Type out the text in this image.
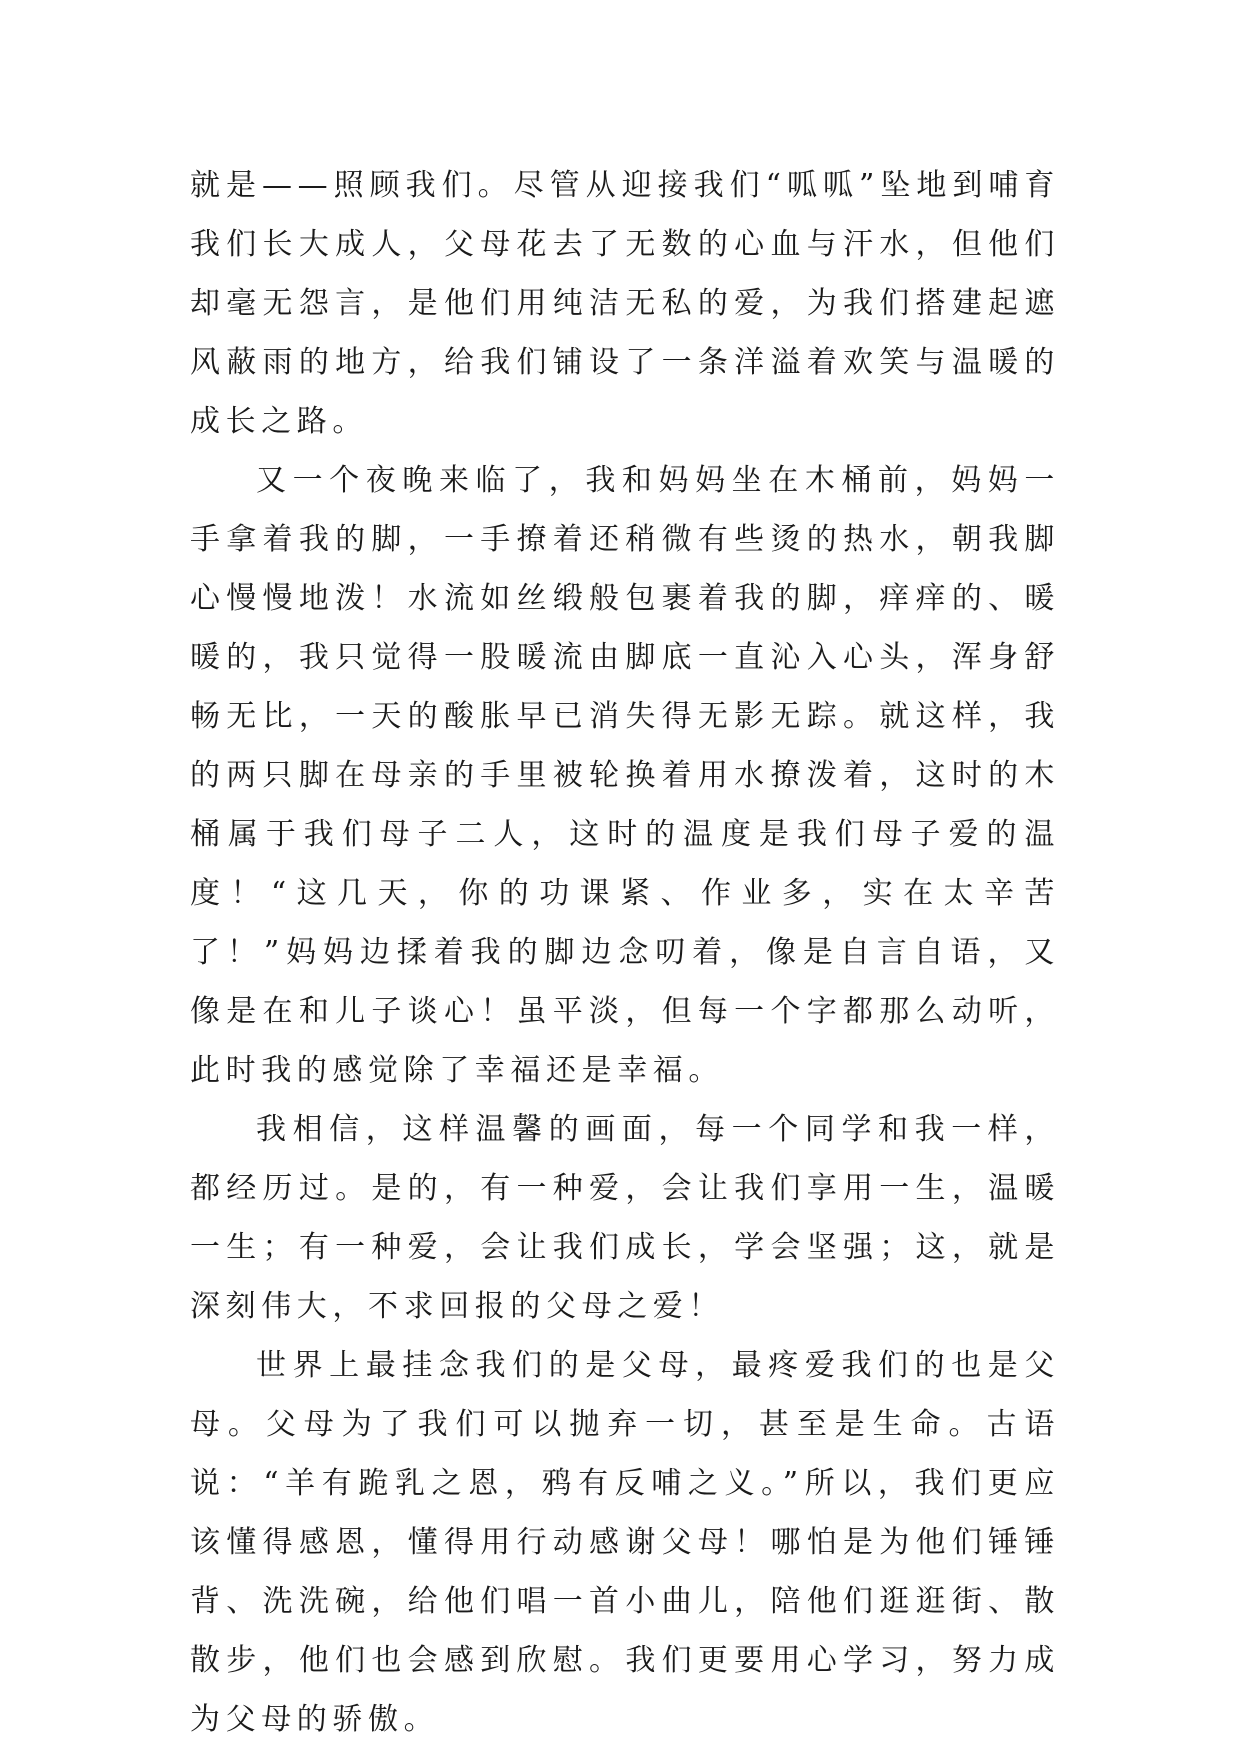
就是——照顾我们。尽管从迎接我们“呱呱”坠地到哺育我们长大成人，父母花去了无数的心血与汗水，但他们却毫无怨言，是他们用纯洁无私的爱，为我们搭建起遮风蔽雨的地方，给我们铺设了一条洋溢着欢笑与温暖的成长之路。

又一个夜晚来临了，我和妈妈坐在木桶前，妈妈一手拿着我的脚，一手撩着还稍微有些烫的热水，朝我脚心慢慢地泼！水流如丝缎般包裹着我的脚，痒痒的、暖暖的，我只觉得一股暖流由脚底一直沁入心头，浑身舒畅无比，一天的酸胀早已消失得无影无踪。就这样，我的两只脚在母亲的手里被轮换着用水撩泼着，这时的木桶属于我们母子二人，这时的温度是我们母子爱的温度！“这几天，你的功课紧、作业多，实在太辛苦了！”妈妈边揉着我的脚边念叨着，像是自言自语，又像是在和儿子谈心！虽平淡，但每一个字都那么动听，此时我的感觉除了幸福还是幸福。

我相信，这样温馨的画面，每一个同学和我一样，都经历过。是的，有一种爱，会让我们享用一生，温暖一生；有一种爱，会让我们成长，学会坚强；这，就是深刻伟大，不求回报的父母之爱！

世界上最挂念我们的是父母，最疼爱我们的也是父母。父母为了我们可以抛弃一切，甚至是生命。古语说：“羊有跪乳之恩，鸦有反哺之义。”所以，我们更应该懂得感恩，懂得用行动感谢父母！哪怕是为他们锤锤背、洗洗碗，给他们唱一首小曲儿，陪他们逛逛街、散散步，他们也会感到欣慰。我们更要用心学习，努力成为父母的骄傲。
